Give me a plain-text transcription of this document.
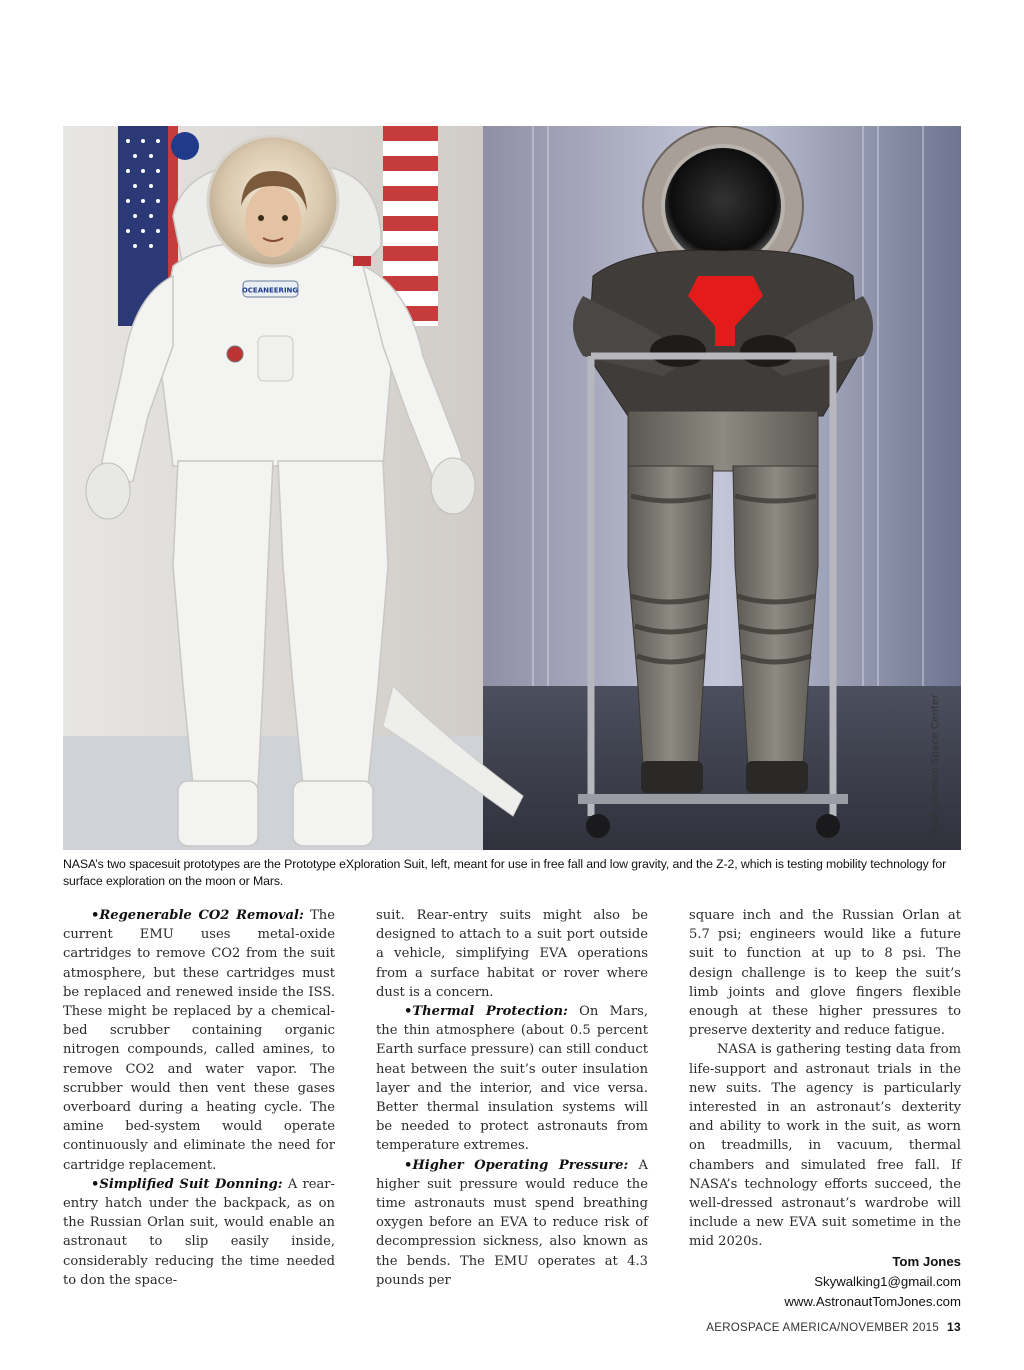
OCEANEERING
NASA Johnson Space Center
NASA’s two spacesuit prototypes are the Prototype eXploration Suit, left, meant for use in free fall and low gravity, and the Z-2, which is testing mobility technology for surface exploration on the moon or Mars.

•Regenerable CO2 Removal: The current EMU uses metal-oxide cartridges to remove CO2 from the suit atmosphere, but these cartridges must be replaced and renewed inside the ISS. These might be replaced by a chemical-bed scrubber containing organic nitrogen compounds, called amines, to remove CO2 and water vapor. The scrubber would then vent these gases overboard during a heating cycle. The amine bed-system would operate continuously and eliminate the need for cartridge replacement.

•Simplified Suit Donning: A rear-entry hatch under the backpack, as on the Russian Orlan suit, would enable an astronaut to slip easily inside, considerably reducing the time needed to don the space-

suit. Rear-entry suits might also be designed to attach to a suit port outside a vehicle, simplifying EVA operations from a surface habitat or rover where dust is a concern.

•Thermal Protection: On Mars, the thin atmosphere (about 0.5 percent Earth surface pressure) can still conduct heat between the suit’s outer insulation layer and the interior, and vice versa. Better thermal insulation systems will be needed to protect astronauts from temperature extremes.

•Higher Operating Pressure: A higher suit pressure would reduce the time astronauts must spend breathing oxygen before an EVA to reduce risk of decompression sickness, also known as the bends. The EMU operates at 4.3 pounds per

square inch and the Russian Orlan at 5.7 psi; engineers would like a future suit to function at up to 8 psi. The design challenge is to keep the suit’s limb joints and glove fingers flexible enough at these higher pressures to preserve dexterity and reduce fatigue.

NASA is gathering testing data from life-support and astronaut trials in the new suits. The agency is particularly interested in an astronaut’s dexterity and ability to work in the suit, as worn on treadmills, in vacuum, thermal chambers and simulated free fall. If NASA’s technology efforts succeed, the well-dressed astronaut’s wardrobe will include a new EVA suit sometime in the mid 2020s.

Tom Jones
Skywalking1@gmail.com
www.AstronautTomJones.com
AEROSPACE AMERICA/NOVEMBER 2015 13
